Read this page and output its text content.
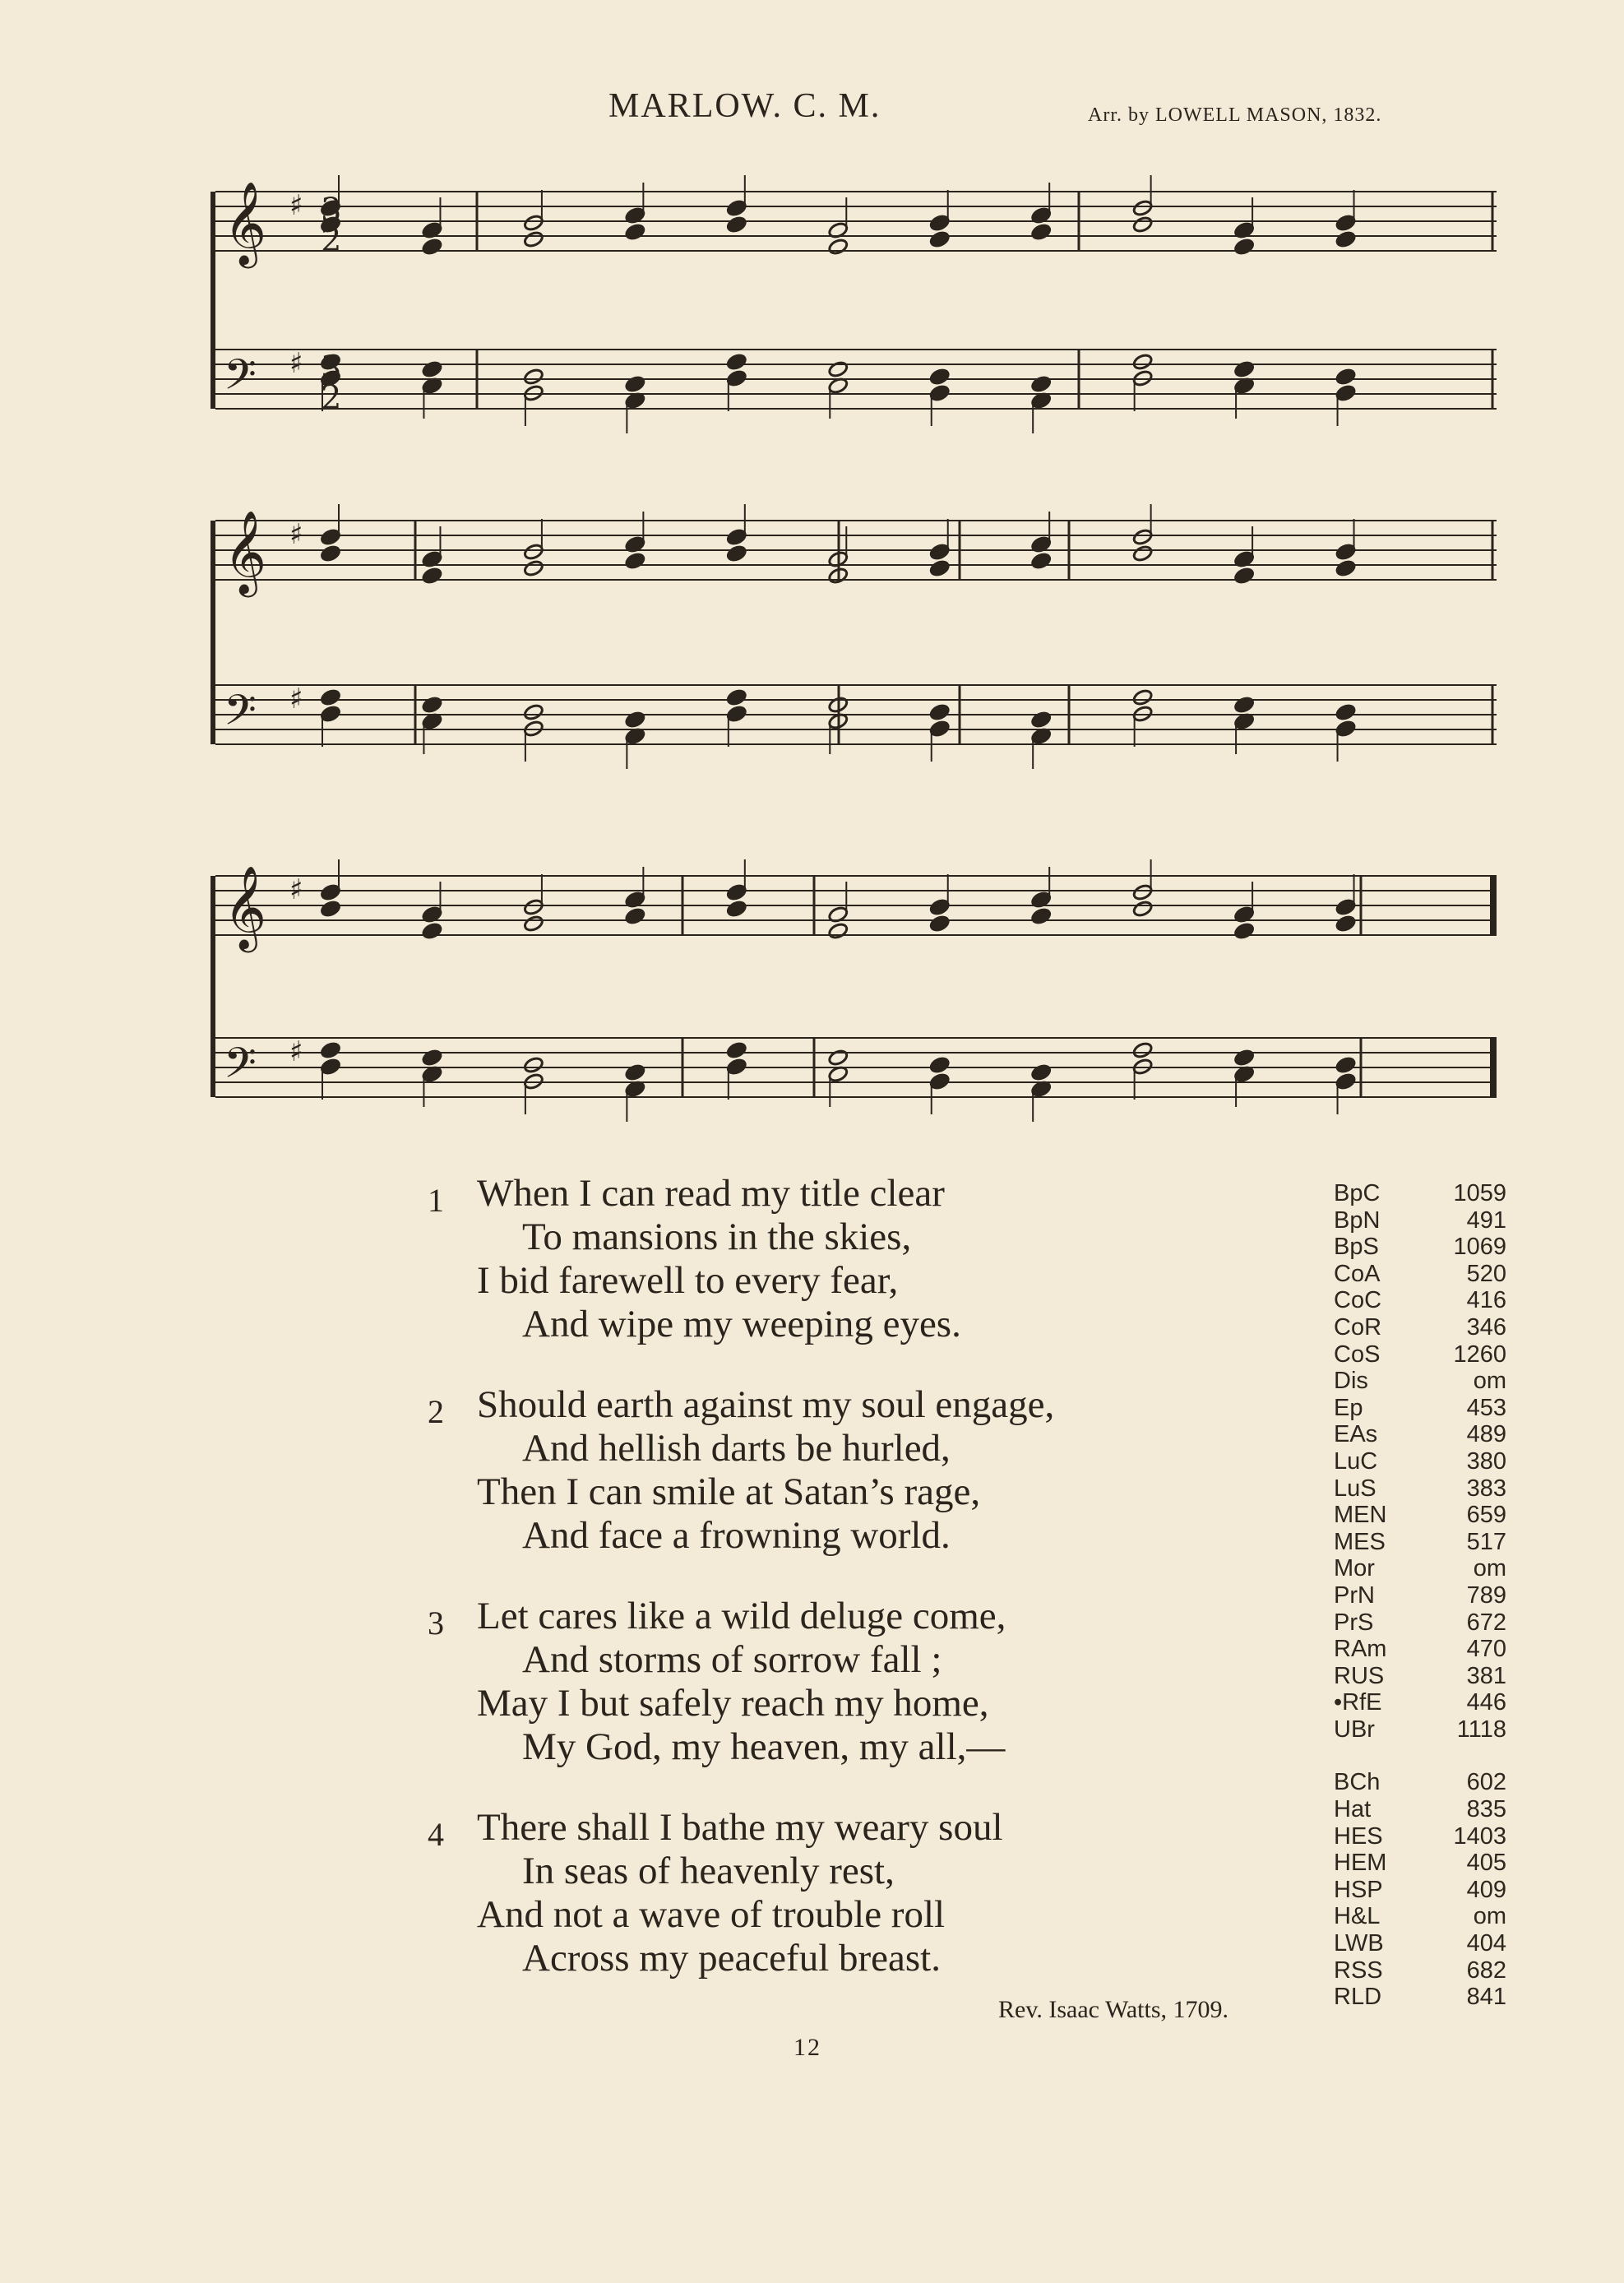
MARLOW. C. M.	Arr. by LOWELL MASON, 1832.
𝄞 ♯
𝄢 ♯
𝄞 ♯
𝄢 ♯
𝄞 ♯
𝄢 ♯
3
2
3
2
1 When I can read my title clear
To mansions in the skies,
I bid farewell to every fear,
And wipe my weeping eyes.
2 Should earth against my soul engage,
And hellish darts be hurled,
Then I can smile at Satan’s rage,
And face a frowning world.
3 Let cares like a wild deluge come,
And storms of sorrow fall ;
May I but safely reach my home,
My God, my heaven, my all,—
4 There shall I bathe my weary soul
In seas of heavenly rest,
And not a wave of trouble roll
Across my peaceful breast.
Rev. Isaac Watts, 1709.
BpC	1059
BpN	491
BpS	1069
CoA	520
CoC	416
CoR	346
CoS	1260
Dis	om
Ep	453
EAs	489
LuC	380
LuS	383
MEN	659
MES	517
Mor	om
PrN	789
PrS	672
RAm	470
RUS	381
•RfE	446
UBr	1118
BCh	602
Hat	835
HES	1403
HEM	405
HSP	409
H&L	om
LWB	404
RSS	682
RLD	841
12
